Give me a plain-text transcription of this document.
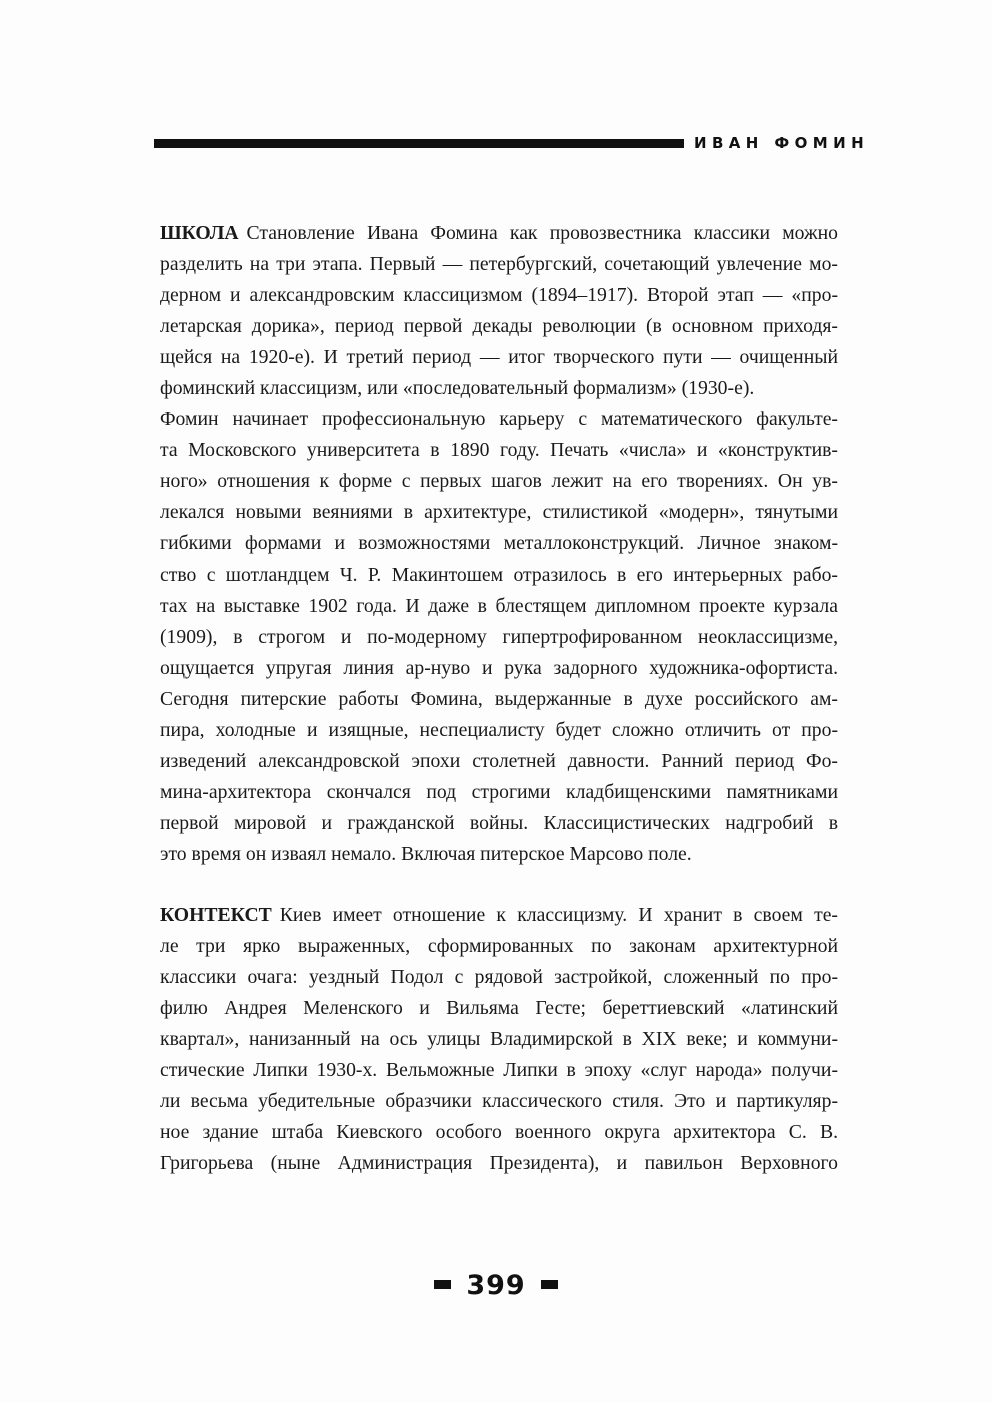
ИВАН ФОМИН
ШКОЛА Становление Ивана Фомина как провозвестника классики можно
разделить на три этапа. Первый — петербургский, сочетающий увлечение мо-
дерном и александровским классицизмом (1894–1917). Второй этап — «про-
летарская дорика», период первой декады революции (в основном приходя-
щейся на 1920-е). И третий период — итог творческого пути — очищенный
фоминский классицизм, или «последовательный формализм» (1930-е).
Фомин начинает профессиональную карьеру с математического факульте-
та Московского университета в 1890 году. Печать «числа» и «конструктив-
ного» отношения к форме с первых шагов лежит на его творениях. Он ув-
лекался новыми веяниями в архитектуре, стилистикой «модерн», тянутыми
гибкими формами и возможностями металлоконструкций. Личное знаком-
ство с шотландцем Ч. Р. Макинтошем отразилось в его интерьерных рабо-
тах на выставке 1902 года. И даже в блестящем дипломном проекте курзала
(1909), в строгом и по-модерному гипертрофированном неоклассицизме,
ощущается упругая линия ар-нуво и рука задорного художника-офортиста.
Сегодня питерские работы Фомина, выдержанные в духе российского ам-
пира, холодные и изящные, неспециалисту будет сложно отличить от про-
изведений александровской эпохи столетней давности. Ранний период Фо-
мина-архитектора скончался под строгими кладбищенскими памятниками
первой мировой и гражданской войны. Классицистических надгробий в
это время он изваял немало. Включая питерское Марсово поле.
КОНТЕКСТ Киев имеет отношение к классицизму. И хранит в своем те-
ле три ярко выраженных, сформированных по законам архитектурной
классики очага: уездный Подол с рядовой застройкой, сложенный по про-
филю Андрея Меленского и Вильяма Гесте; береттиевский «латинский
квартал», нанизанный на ось улицы Владимирской в XIX веке; и коммуни-
стические Липки 1930-х. Вельможные Липки в эпоху «слуг народа» получи-
ли весьма убедительные образчики классического стиля. Это и партикуляр-
ное здание штаба Киевского особого военного округа архитектора С. В.
Григорьева (ныне Администрация Президента), и павильон Верховного
399
